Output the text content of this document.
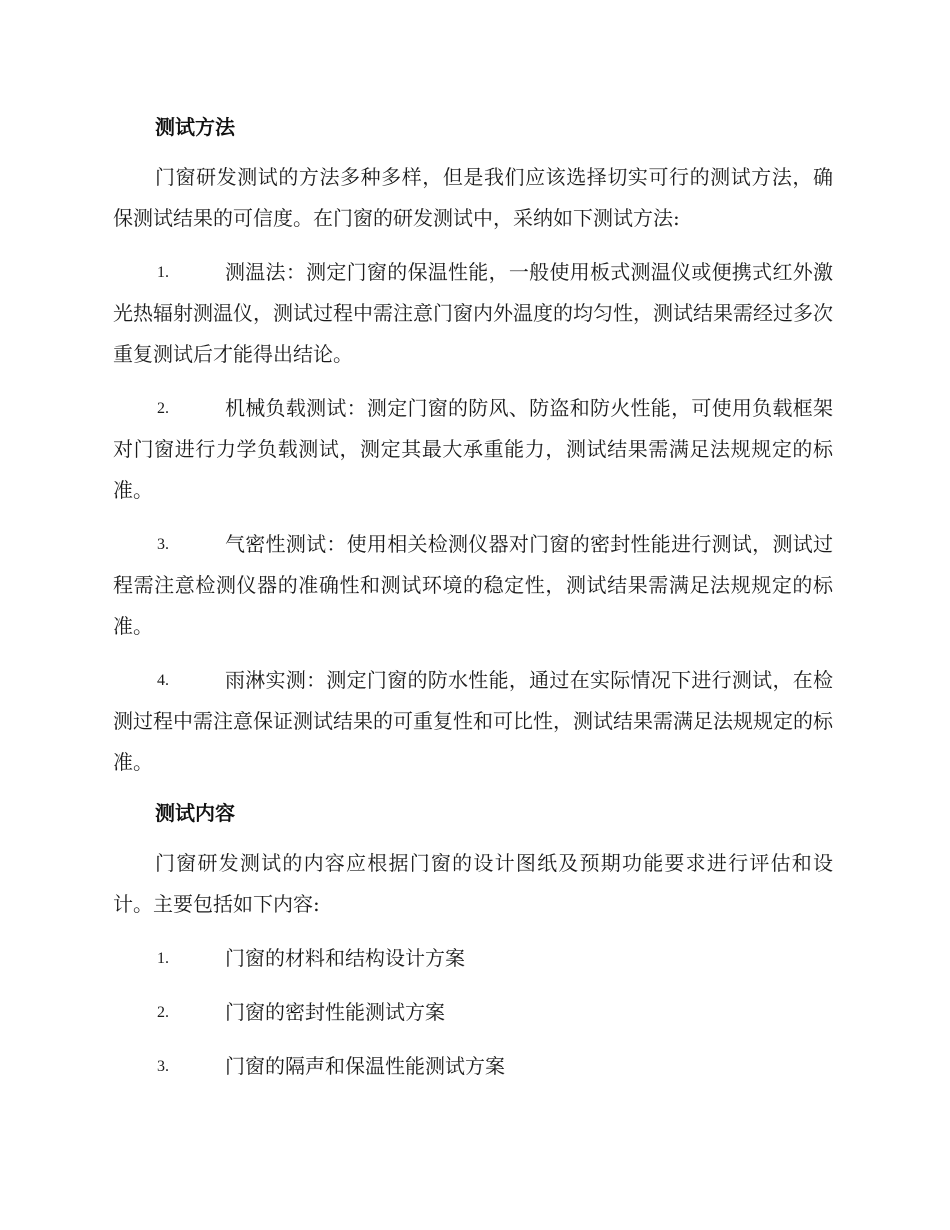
测试方法

门窗研发测试的方法多种多样，但是我们应该选择切实可行的测试方法，确保测试结果的可信度。在门窗的研发测试中，采纳如下测试方法:

1.	测温法：测定门窗的保温性能，一般使用板式测温仪或便携式红外激光热辐射测温仪，测试过程中需注意门窗内外温度的均匀性，测试结果需经过多次重复测试后才能得出结论。
2.	机械负载测试：测定门窗的防风、防盗和防火性能，可使用负载框架对门窗进行力学负载测试，测定其最大承重能力，测试结果需满足法规规定的标准。
3.	气密性测试：使用相关检测仪器对门窗的密封性能进行测试，测试过程需注意检测仪器的准确性和测试环境的稳定性，测试结果需满足法规规定的标准。
4.	雨淋实测：测定门窗的防水性能，通过在实际情况下进行测试，在检测过程中需注意保证测试结果的可重复性和可比性，测试结果需满足法规规定的标准。
测试内容

门窗研发测试的内容应根据门窗的设计图纸及预期功能要求进行评估和设计。主要包括如下内容:

1.	门窗的材料和结构设计方案
2.	门窗的密封性能测试方案
3.	门窗的隔声和保温性能测试方案
